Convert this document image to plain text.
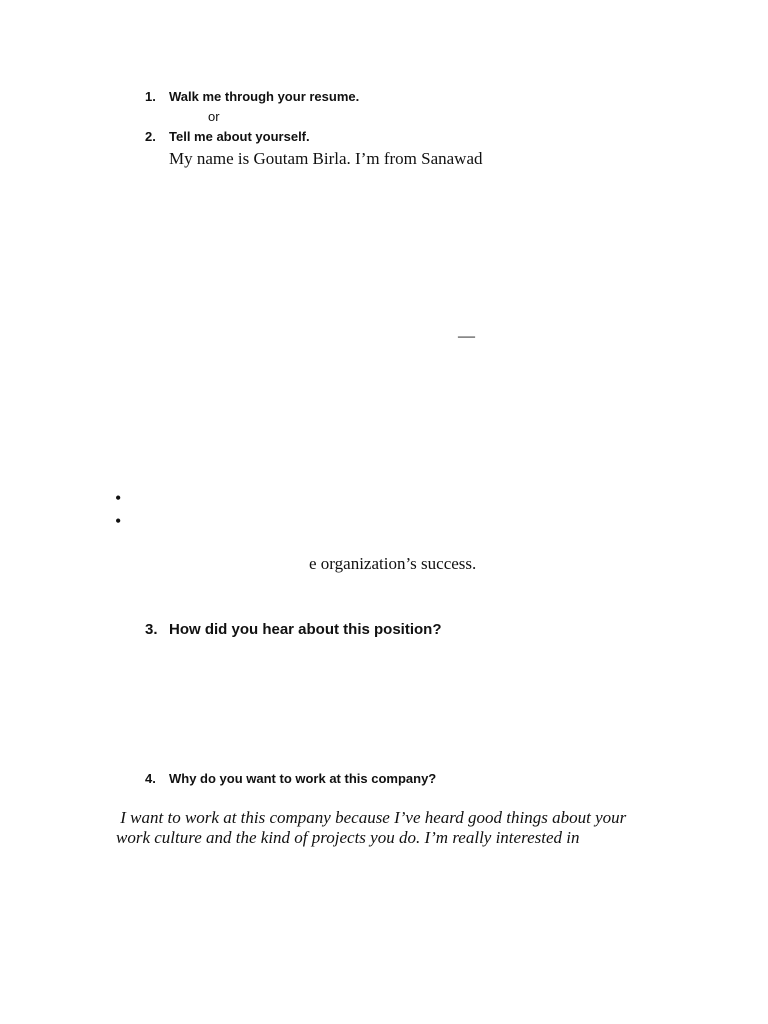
1. Walk me through your resume.
or
2. Tell me about yourself.
My name is Goutam Birla. I’m from Sanawad
—
•
•
e organization’s success.
3. How did you hear about this position?
4. Why do you want to work at this company?
I want to work at this company because I’ve heard good things about your
work culture and the kind of projects you do. I’m really interested in
